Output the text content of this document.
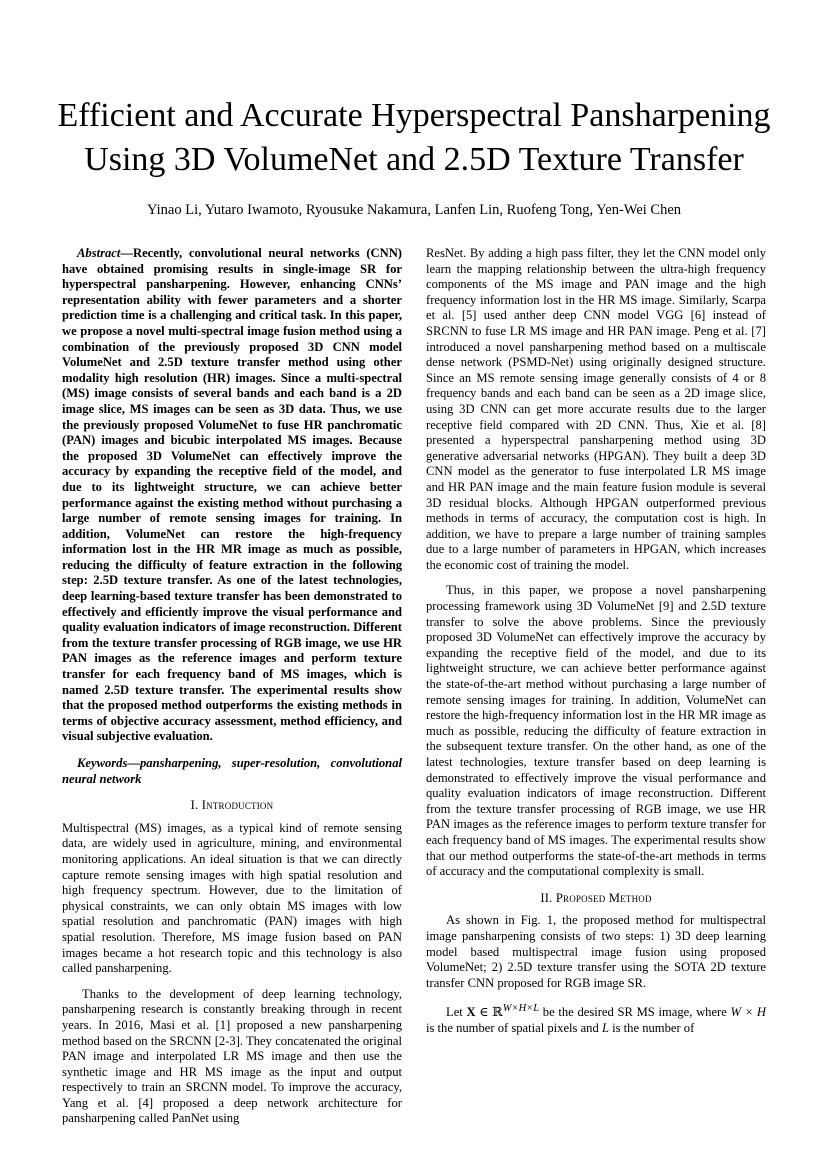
Efficient and Accurate Hyperspectral Pansharpening Using 3D VolumeNet and 2.5D Texture Transfer

Yinao Li, Yutaro Iwamoto, Ryousuke Nakamura, Lanfen Lin, Ruofeng Tong, Yen-Wei Chen

Abstract—Recently, convolutional neural networks (CNN) have obtained promising results in single-image SR for hyperspectral pansharpening. However, enhancing CNNs’ representation ability with fewer parameters and a shorter prediction time is a challenging and critical task. In this paper, we propose a novel multi-spectral image fusion method using a combination of the previously proposed 3D CNN model VolumeNet and 2.5D texture transfer method using other modality high resolution (HR) images. Since a multi-spectral (MS) image consists of several bands and each band is a 2D image slice, MS images can be seen as 3D data. Thus, we use the previously proposed VolumeNet to fuse HR panchromatic (PAN) images and bicubic interpolated MS images. Because the proposed 3D VolumeNet can effectively improve the accuracy by expanding the receptive field of the model, and due to its lightweight structure, we can achieve better performance against the existing method without purchasing a large number of remote sensing images for training. In addition, VolumeNet can restore the high-frequency information lost in the HR MR image as much as possible, reducing the difficulty of feature extraction in the following step: 2.5D texture transfer. As one of the latest technologies, deep learning-based texture transfer has been demonstrated to effectively and efficiently improve the visual performance and quality evaluation indicators of image reconstruction. Different from the texture transfer processing of RGB image, we use HR PAN images as the reference images and perform texture transfer for each frequency band of MS images, which is named 2.5D texture transfer. The experimental results show that the proposed method outperforms the existing methods in terms of objective accuracy assessment, method efficiency, and visual subjective evaluation.

Keywords—pansharpening, super-resolution, convolutional neural network

I. Introduction

Multispectral (MS) images, as a typical kind of remote sensing data, are widely used in agriculture, mining, and environmental monitoring applications. An ideal situation is that we can directly capture remote sensing images with high spatial resolution and high frequency spectrum. However, due to the limitation of physical constraints, we can only obtain MS images with low spatial resolution and panchromatic (PAN) images with high spatial resolution. Therefore, MS image fusion based on PAN images became a hot research topic and this technology is also called pansharpening.

Thanks to the development of deep learning technology, pansharpening research is constantly breaking through in recent years. In 2016, Masi et al. [1] proposed a new pansharpening method based on the SRCNN [2-3]. They concatenated the original PAN image and interpolated LR MS image and then use the synthetic image and HR MS image as the input and output respectively to train an SRCNN model. To improve the accuracy, Yang et al. [4] proposed a deep network architecture for pansharpening called PanNet using

ResNet. By adding a high pass filter, they let the CNN model only learn the mapping relationship between the ultra-high frequency components of the MS image and PAN image and the high frequency information lost in the HR MS image. Similarly, Scarpa et al. [5] used anther deep CNN model VGG [6] instead of SRCNN to fuse LR MS image and HR PAN image. Peng et al. [7] introduced a novel pansharpening method based on a multiscale dense network (PSMD-Net) using originally designed structure. Since an MS remote sensing image generally consists of 4 or 8 frequency bands and each band can be seen as a 2D image slice, using 3D CNN can get more accurate results due to the larger receptive field compared with 2D CNN. Thus, Xie et al. [8] presented a hyperspectral pansharpening method using 3D generative adversarial networks (HPGAN). They built a deep 3D CNN model as the generator to fuse interpolated LR MS image and HR PAN image and the main feature fusion module is several 3D residual blocks. Although HPGAN outperformed previous methods in terms of accuracy, the computation cost is high. In addition, we have to prepare a large number of training samples due to a large number of parameters in HPGAN, which increases the economic cost of training the model.

Thus, in this paper, we propose a novel pansharpening processing framework using 3D VolumeNet [9] and 2.5D texture transfer to solve the above problems. Since the previously proposed 3D VolumeNet can effectively improve the accuracy by expanding the receptive field of the model, and due to its lightweight structure, we can achieve better performance against the state-of-the-art method without purchasing a large number of remote sensing images for training. In addition, VolumeNet can restore the high-frequency information lost in the HR MR image as much as possible, reducing the difficulty of feature extraction in the subsequent texture transfer. On the other hand, as one of the latest technologies, texture transfer based on deep learning is demonstrated to effectively improve the visual performance and quality evaluation indicators of image reconstruction. Different from the texture transfer processing of RGB image, we use HR PAN images as the reference images to perform texture transfer for each frequency band of MS images. The experimental results show that our method outperforms the state-of-the-art methods in terms of accuracy and the computational complexity is small.

II. Proposed Method

As shown in Fig. 1, the proposed method for multispectral image pansharpening consists of two steps: 1) 3D deep learning model based multispectral image fusion using proposed VolumeNet; 2) 2.5D texture transfer using the SOTA 2D texture transfer CNN proposed for RGB image SR.

Let X ∈ ℝ$^{W\times H\times L}$ be the desired SR MS image, where W × H is the number of spatial pixels and L is the number of
